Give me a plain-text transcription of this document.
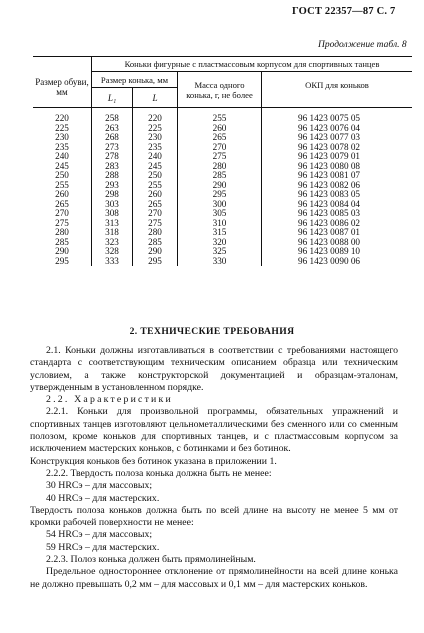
ГОСТ 22357—87 С. 7
Продолжение табл. 8
Размер обуви, мм	Коньки фигурные с пластмассовым корпусом для спортивных танцев			
	Размер конька, мм		Масса одного конька, г, не более	ОКП для коньков
	L₁	L		

220	258	220	255	96 1423 0075 05
225	263	225	260	96 1423 0076 04
230	268	230	265	96 1423 0077 03
235	273	235	270	96 1423 0078 02
240	278	240	275	96 1423 0079 01
245	283	245	280	96 1423 0080 08
250	288	250	285	96 1423 0081 07
255	293	255	290	96 1423 0082 06
260	298	260	295	96 1423 0083 05
265	303	265	300	96 1423 0084 04
270	308	270	305	96 1423 0085 03
275	313	275	310	96 1423 0086 02
280	318	280	315	96 1423 0087 01
285	323	285	320	96 1423 0088 00
290	328	290	325	96 1423 0089 10
295	333	295	330	96 1423 0090 06
2. ТЕХНИЧЕСКИЕ ТРЕБОВАНИЯ

2.1. Коньки должны изготавливаться в соответствии с требованиями настоящего стандарта с соответствующим техническим описанием образца или техническим условием, а также конструкторской документацией и образцам-эталонам, утвержденным в установленном порядке.

2.2. Характеристики

2.2.1. Коньки для произвольной программы, обязательных упражнений и спортивных танцев изготовляют цельнометаллическими без сменного или со сменным полозом, кроме коньков для спортивных танцев, и с пластмассовым корпусом за исключением мастерских коньков, с ботинками и без ботинок.

Конструкция коньков без ботинок указана в приложении 1.

2.2.2. Твердость полоза конька должна быть не менее:

30 HRCэ – для массовых;

40 HRCэ – для мастерских.

Твердость полоза коньков должна быть по всей длине на высоту не менее 5 мм от кромки рабочей поверхности не менее:

54 HRCэ – для массовых;

59 HRCэ – для мастерских.

2.2.3. Полоз конька должен быть прямолинейным.

Предельное одностороннее отклонение от прямолинейности на всей длине конька не должно превышать 0,2 мм – для массовых и 0,1 мм – для мастерских коньков.
